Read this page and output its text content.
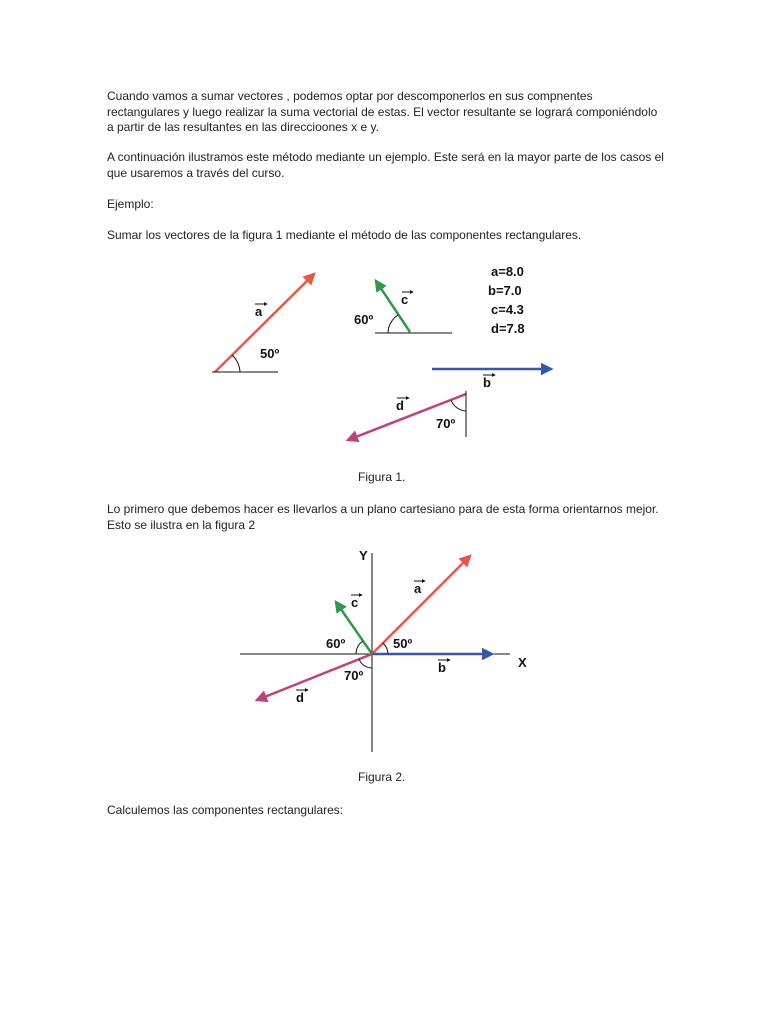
Cuando vamos a sumar vectores , podemos optar por descomponerlos en sus compnentes rectangulares y luego realizar la suma vectorial de estas. El vector resultante se logrará componiéndolo a partir de las resultantes en las direccioones x e y.

A continuación ilustramos este método mediante un ejemplo. Este será en la mayor parte de los casos el que usaremos a través del curso.

Ejemplo:

Sumar los vectores de la figura 1 mediante el método de las componentes rectangulares.

a
50º
c
60º
a=8.0
b=7.0
c=4.3
d=7.8
b
d
70º
Figura 1.

Lo primero que debemos hacer es llevarlos a un plano cartesiano para de esta forma orientarnos mejor. Esto se ilustra en la figura 2

Y
X
a
c
b
d
60º	50º
70º
Figura 2.

Calculemos las componentes rectangulares:
